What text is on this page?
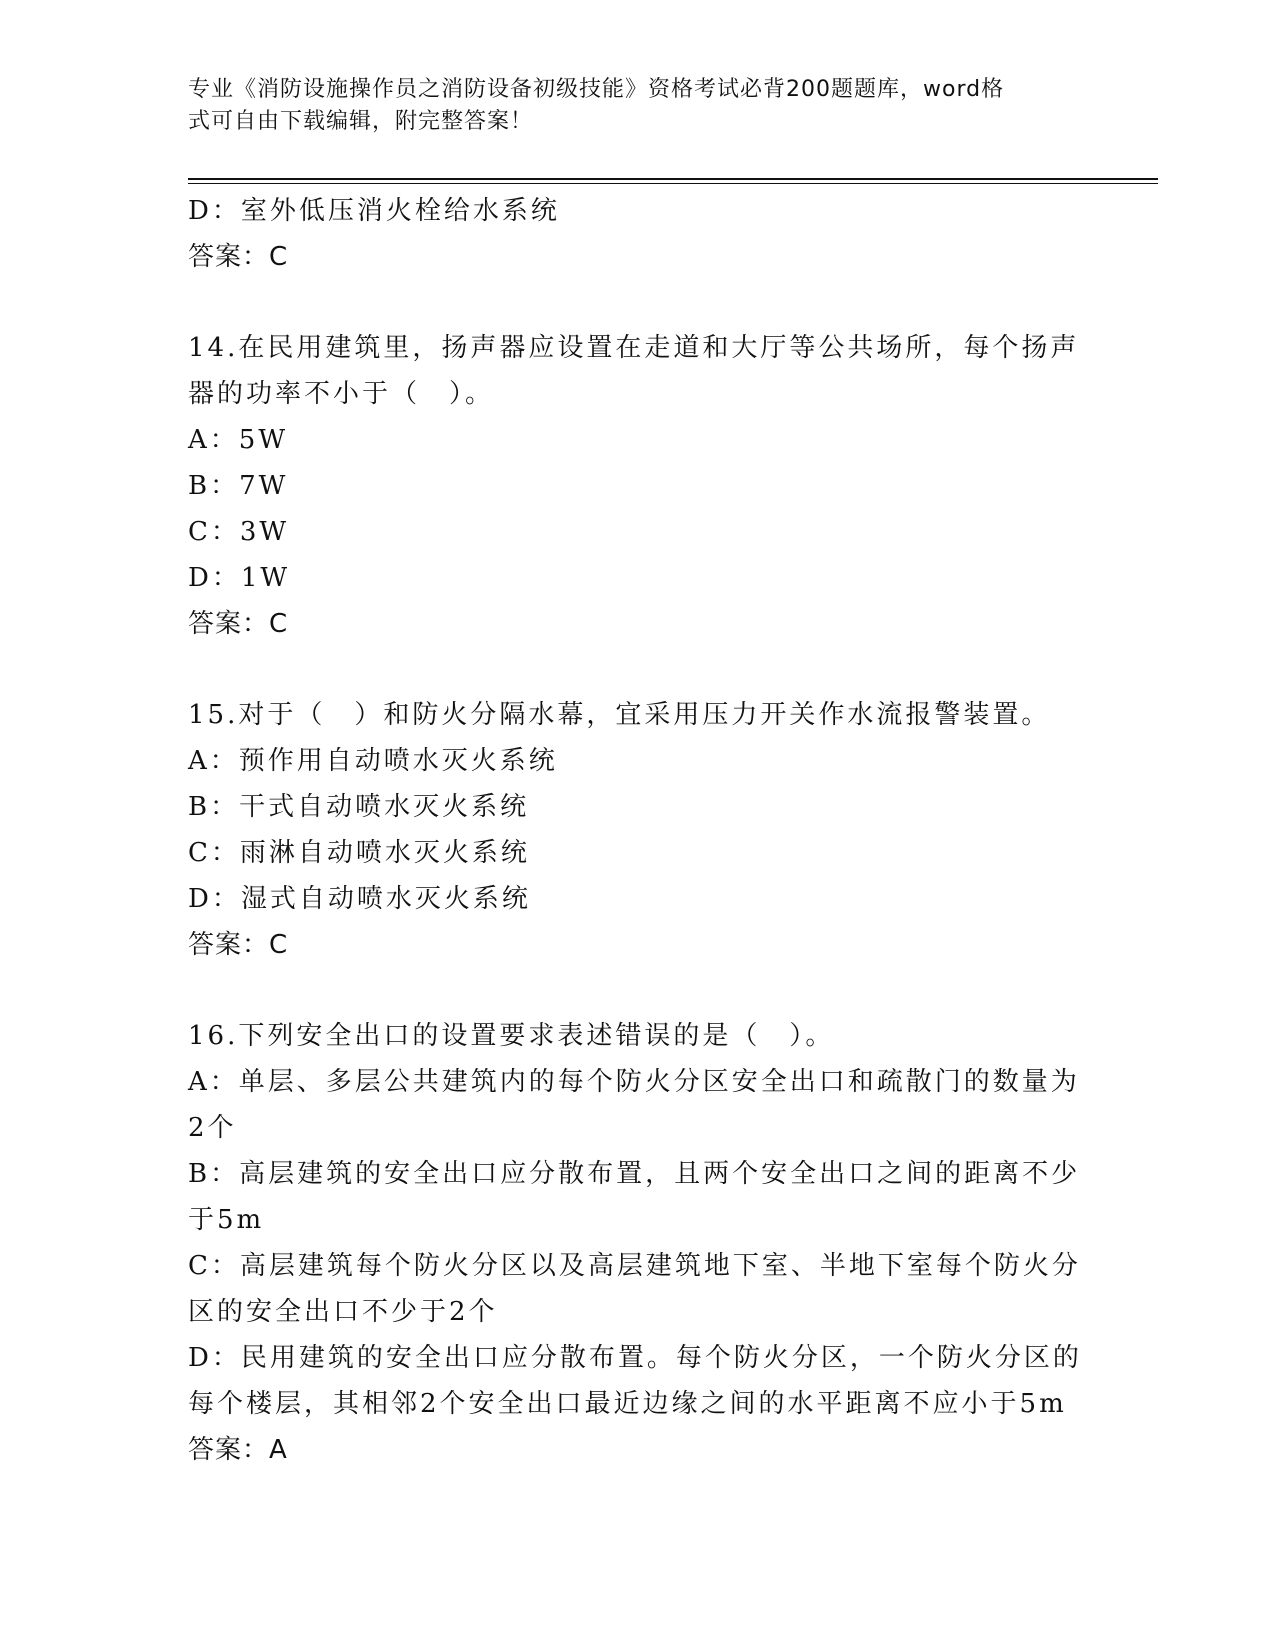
专业《消防设施操作员之消防设备初级技能》资格考试必背200题题库，word格
式可自由下载编辑，附完整答案！
D：室外低压消火栓给水系统
答案：C
14.在民用建筑里，扬声器应设置在走道和大厅等公共场所，每个扬声
器的功率不小于（　）。
A：5W
B：7W
C：3W
D：1W
答案：C
15.对于（　）和防火分隔水幕，宜采用压力开关作水流报警装置。
A：预作用自动喷水灭火系统
B：干式自动喷水灭火系统
C：雨淋自动喷水灭火系统
D：湿式自动喷水灭火系统
答案：C
16.下列安全出口的设置要求表述错误的是（　）。
A：单层、多层公共建筑内的每个防火分区安全出口和疏散门的数量为
2个
B：高层建筑的安全出口应分散布置，且两个安全出口之间的距离不少
于5m
C：高层建筑每个防火分区以及高层建筑地下室、半地下室每个防火分
区的安全出口不少于2个
D：民用建筑的安全出口应分散布置。每个防火分区，一个防火分区的
每个楼层，其相邻2个安全出口最近边缘之间的水平距离不应小于5m
答案：A
